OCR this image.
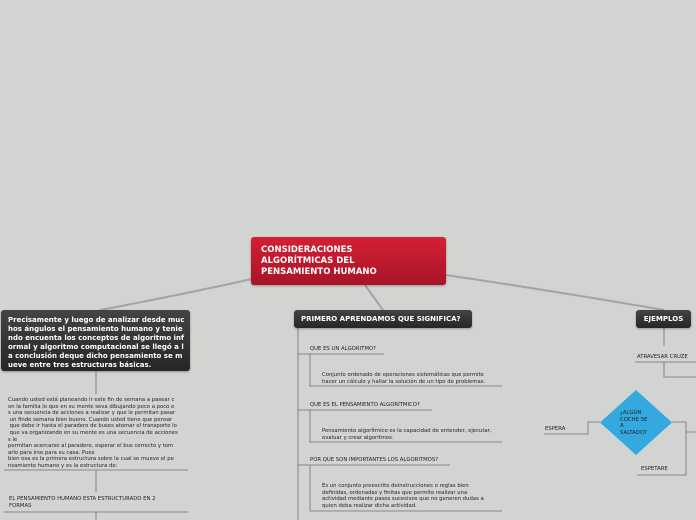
CONSIDERACIONES
ALGORÍTMICAS DEL
PENSAMIENTO HUMANO
Precisamente y luego de analizar desde muc
hos ángulos el pensamiento humano y tenie
ndo encuenta los conceptos de algoritmo inf
ormal y algoritmo computacional se llegó a l
a conclusión deque dicho pensamiento se m
ueve entre tres estructuras básicas.
Cuando usted está planeando ir este fin de semana a pasear c
on la familia lo que en su mente seva dibujando poco a poco e
s una secuencia de acciones a realizar y que le permitan pasar
un finde semana bien bueno. Cuando usted tiene que pensar
que debe ir hasta el paradero de buses atomar el transporte lo
que va organizando en su mente es una secuencia de acciones
s le
permitan acercarse al paradero, esperar el bus correcto y tom
arlo para irse para su casa. Pues
bien esa es la primera estructura sobre la cual se mueve el pe
nsamiento humano y es la estructura de:
EL PENSAMIENTO HUMANO ESTA ESTRUCTURADO EN 2
FORMAS
PRIMERO APRENDAMOS QUE SIGNIFICA?
QUE ES UN ALGORITMO?
Conjunto ordenado de operaciones sistemáticas que permite
hacer un cálculo y hallar la solución de un tipo de problemas.
QUE ES EL PENSAMIENTO ALGORÍTMICO?
Pensamiento algorítmico es la capacidad de entender, ejecutar,
evaluar y crear algoritmos.
POR QUE SON IMPORTANTES LOS ALGORITMOS?
Es un conjunto preescrito deinstrucciones o reglas bien
definidas, ordenadas y finitas que permite realizar una
actividad mediante pasos sucesivos que no generen dudas a
quien deba realizar dicha actividad.
EJEMPLOS
ATRAVESAR CRUZE
ESPERA
ESPETARE
¿ALGÚN
COCHE SE
A
SALTADO?
